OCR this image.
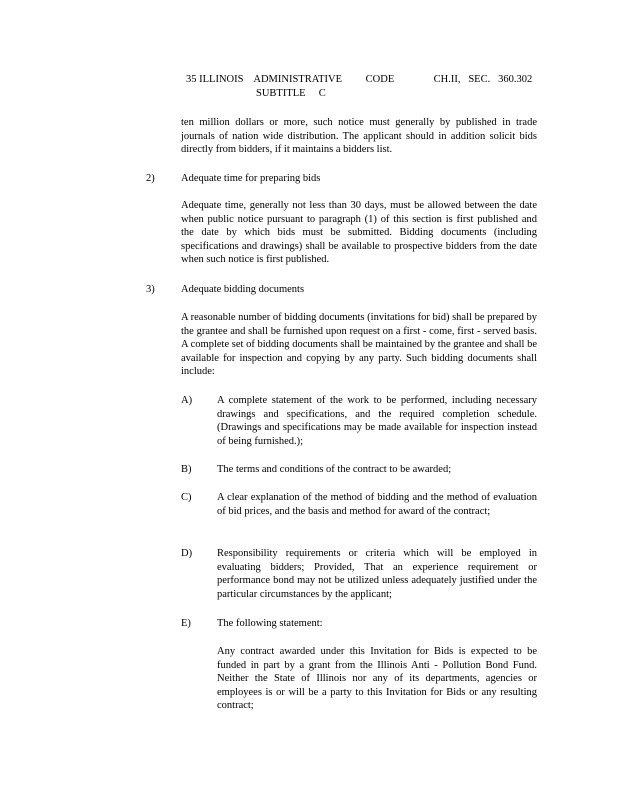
35 ILLINOIS    ADMINISTRATIVE         CODE               CH.II,   SEC.   360.302
SUBTITLE     C
ten million dollars or more, such notice must generally by published in trade journals of nation wide distribution. The applicant should in addition solicit bids directly from bidders, if it maintains a bidders list.
2)	Adequate time for preparing bids
Adequate time, generally not less than 30 days, must be allowed between the date when public notice pursuant to paragraph (1) of this section is first published and the date by which bids must be submitted. Bidding documents (including specifications and drawings) shall be available to prospective bidders from the date when such notice is first published.
3)	Adequate bidding documents
A reasonable number of bidding documents (invitations for bid) shall be prepared by the grantee and shall be furnished upon request on a first - come, first - served basis. A complete set of bidding documents shall be maintained by the grantee and shall be available for inspection and copying by any party. Such bidding documents shall include:
A) A complete statement of the work to be performed, including necessary drawings and specifications, and the required completion schedule. (Drawings and specifications may be made available for inspection instead of being furnished.);
B) The terms and conditions of the contract to be awarded;
C) A clear explanation of the method of bidding and the method of evaluation of bid prices, and the basis and method for award of the contract;
D) Responsibility requirements or criteria which will be employed in evaluating bidders; Provided, That an experience requirement or performance bond may not be utilized unless adequately justified under the particular circumstances by the applicant;
E) The following statement:
Any contract awarded under this Invitation for Bids is expected to be funded in part by a grant from the Illinois Anti - Pollution Bond Fund. Neither the State of Illinois nor any of its departments, agencies or employees is or will be a party to this Invitation for Bids or any resulting contract;
